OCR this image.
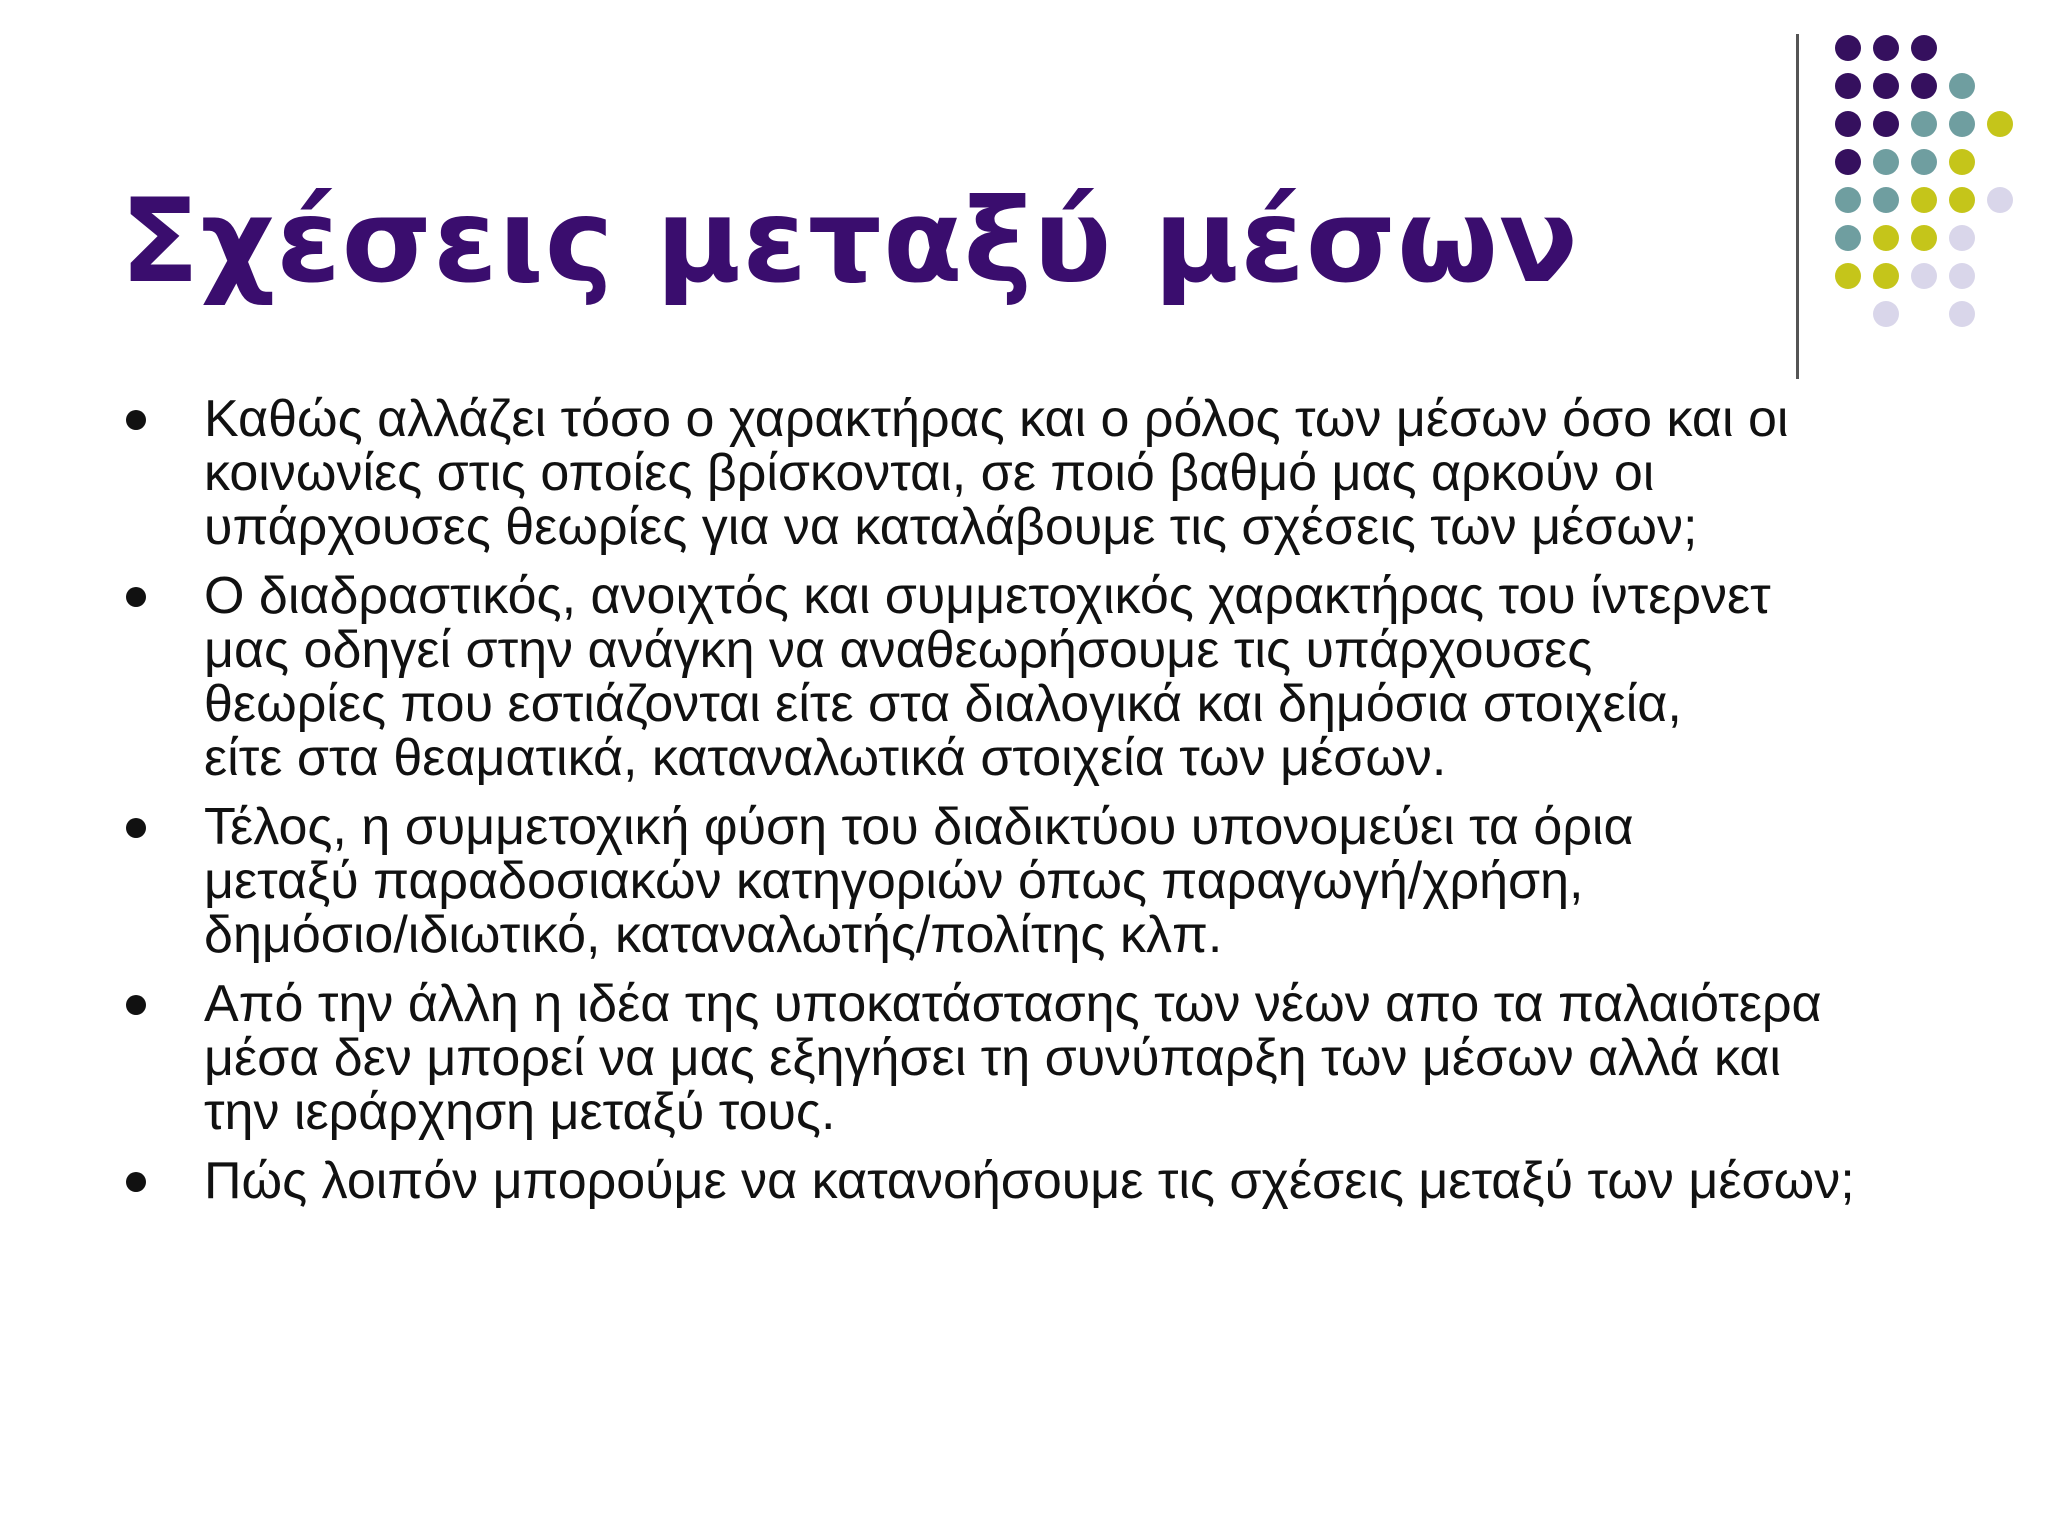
Σχέσεις μεταξύ μέσων
Καθώς αλλάζει τόσο ο χαρακτήρας και ο ρόλος των μέσων όσο και οι
κοινωνίες στις οποίες βρίσκονται, σε ποιό βαθμό μας αρκούν οι
υπάρχουσες θεωρίες για να καταλάβουμε τις σχέσεις των μέσων;
Ο διαδραστικός, ανοιχτός και συμμετοχικός χαρακτήρας του ίντερνετ
μας οδηγεί στην ανάγκη να αναθεωρήσουμε τις υπάρχουσες
θεωρίες που εστιάζονται είτε στα διαλογικά και δημόσια στοιχεία,
είτε στα θεαματικά, καταναλωτικά στοιχεία των μέσων.
Τέλος, η συμμετοχική φύση του διαδικτύου υπονομεύει τα όρια
μεταξύ παραδοσιακών κατηγοριών όπως παραγωγή/χρήση,
δημόσιο/ιδιωτικό, καταναλωτής/πολίτης κλπ.
Από την άλλη η ιδέα της υποκατάστασης των νέων απο τα παλαιότερα
μέσα δεν μπορεί να μας εξηγήσει τη συνύπαρξη των μέσων αλλά και
την ιεράρχηση μεταξύ τους.
Πώς λοιπόν μπορούμε να κατανοήσουμε τις σχέσεις μεταξύ των μέσων;
